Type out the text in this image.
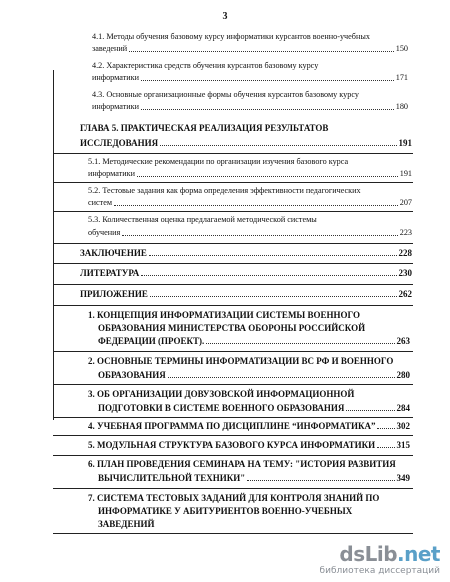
3
4.1. Методы обучения базовому курсу информатики курсантов военно-учебных
заведений	150
4.2. Характеристика средств обучения курсантов базовому курсу
информатики	171
4.3. Основные организационные формы обучения курсантов базовому курсу
информатики	180
ГЛАВА 5. ПРАКТИЧЕСКАЯ РЕАЛИЗАЦИЯ РЕЗУЛЬТАТОВ
ИССЛЕДОВАНИЯ	191
5.1. Методические рекомендации по организации изучения базового курса
информатики	191
5.2. Тестовые задания как форма определения эффективности педагогических
систем	207
5.3. Количественная оценка предлагаемой методической системы
обучения	223
ЗАКЛЮЧЕНИЕ	228
ЛИТЕРАТУРА	230
ПРИЛОЖЕНИЕ	262
1. КОНЦЕПЦИЯ ИНФОРМАТИЗАЦИИ СИСТЕМЫ ВОЕННОГО
ОБРАЗОВАНИЯ МИНИСТЕРСТВА ОБОРОНЫ РОССИЙСКОЙ
ФЕДЕРАЦИИ (ПРОЕКТ).	263
2. ОСНОВНЫЕ ТЕРМИНЫ ИНФОРМАТИЗАЦИИ ВС РФ И ВОЕННОГО
ОБРАЗОВАНИЯ	280
3. ОБ ОРГАНИЗАЦИИ ДОВУЗОВСКОЙ ИНФОРМАЦИОННОЙ
ПОДГОТОВКИ В СИСТЕМЕ ВОЕННОГО ОБРАЗОВАНИЯ	284
4. УЧЕБНАЯ ПРОГРАММА ПО ДИСЦИПЛИНЕ “ИНФОРМАТИКА” 302
5. МОДУЛЬНАЯ СТРУКТУРА БАЗОВОГО КУРСА ИНФОРМАТИКИ 315
6. ПЛАН ПРОВЕДЕНИЯ СЕМИНАРА НА ТЕМУ: "ИСТОРИЯ РАЗВИТИЯ
ВЫЧИСЛИТЕЛЬНОЙ ТЕХНИКИ"	349
7. СИСТЕМА ТЕСТОВЫХ ЗАДАНИЙ ДЛЯ КОНТРОЛЯ ЗНАНИЙ ПО
ИНФОРМАТИКЕ У АБИТУРИЕНТОВ ВОЕННО-УЧЕБНЫХ
ЗАВЕДЕНИЙ
dsLib.net
библиотека диссертаций
